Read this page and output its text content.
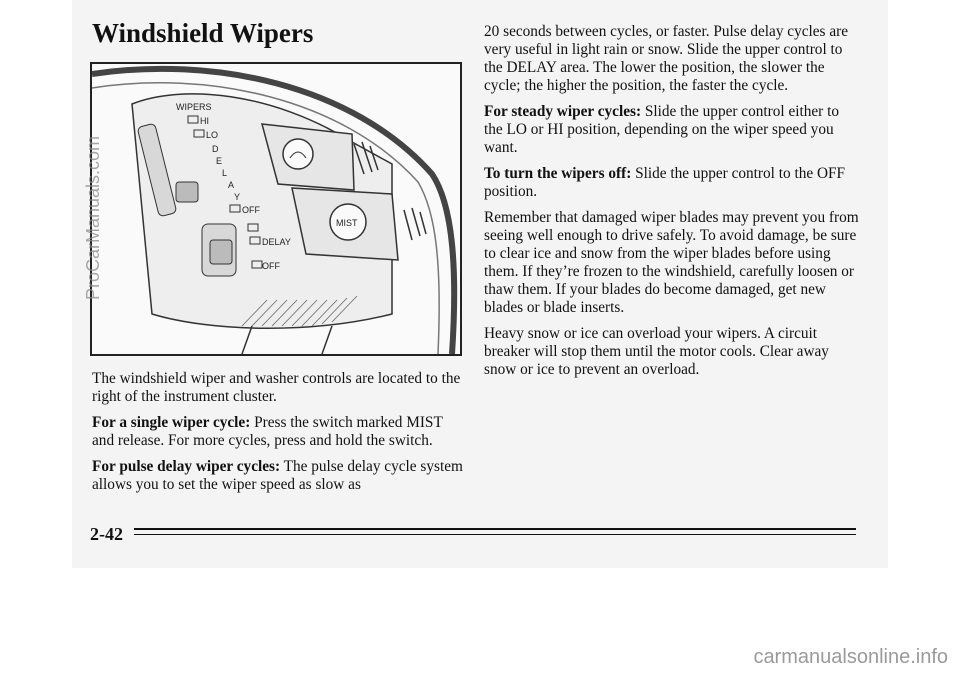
Windshield Wipers
WIPERS
HI
LO
D
E
L
A
Y
OFF
DELAY
OFF
MIST

The windshield wiper and washer controls are located to the right of the instrument cluster.

For a single wiper cycle: Press the switch marked MIST and release. For more cycles, press and hold the switch.

For pulse delay wiper cycles: The pulse delay cycle system allows you to set the wiper speed as slow as

20 seconds between cycles, or faster. Pulse delay cycles are very useful in light rain or snow. Slide the upper control to the DELAY area. The lower the position, the slower the cycle; the higher the position, the faster the cycle.

For steady wiper cycles: Slide the upper control either to the LO or HI position, depending on the wiper speed you want.

To turn the wipers off: Slide the upper control to the OFF position.

Remember that damaged wiper blades may prevent you from seeing well enough to drive safely. To avoid damage, be sure to clear ice and snow from the wiper blades before using them. If they’re frozen to the windshield, carefully loosen or thaw them. If your blades do become damaged, get new blades or blade inserts.

Heavy snow or ice can overload your wipers. A circuit breaker will stop them until the motor cools. Clear away snow or ice to prevent an overload.

2-42

ProCarManuals.com
carmanualsonline.info
